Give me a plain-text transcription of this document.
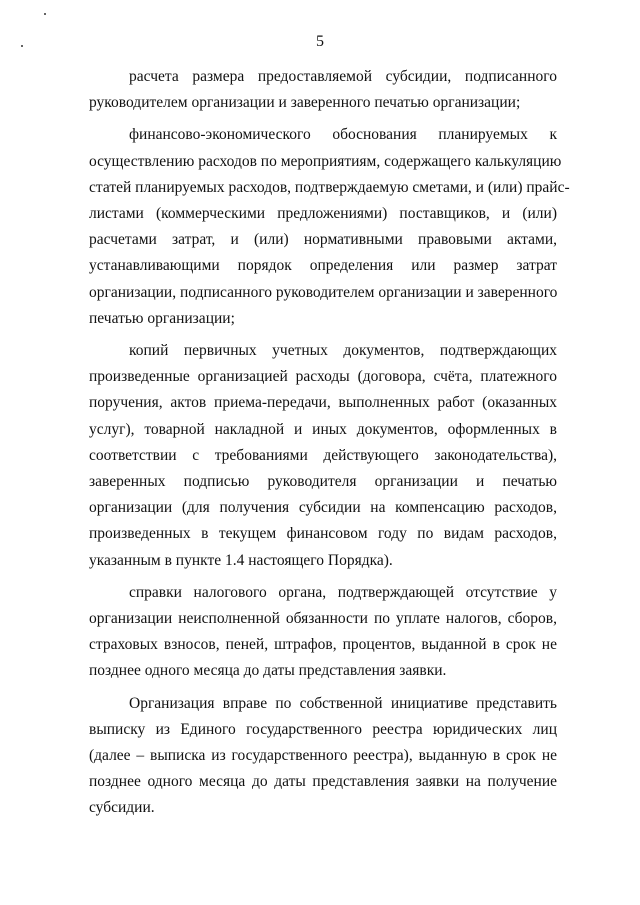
5
расчета размера предоставляемой субсидии, подписанного
руководителем организации и заверенного печатью организации;
финансово-экономического обоснования планируемых к
осуществлению расходов по мероприятиям, содержащего калькуляцию
статей планируемых расходов, подтверждаемую сметами, и (или) прайс-
листами (коммерческими предложениями) поставщиков, и (или)
расчетами затрат, и (или) нормативными правовыми актами,
устанавливающими порядок определения или размер затрат
организации, подписанного руководителем организации и заверенного
печатью организации;
копий первичных учетных документов, подтверждающих
произведенные организацией расходы (договора, счёта, платежного
поручения, актов приема-передачи, выполненных работ (оказанных
услуг), товарной накладной и иных документов, оформленных в
соответствии с требованиями действующего законодательства),
заверенных подписью руководителя организации и печатью
организации (для получения субсидии на компенсацию расходов,
произведенных в текущем финансовом году по видам расходов,
указанным в пункте 1.4 настоящего Порядка).
справки налогового органа, подтверждающей отсутствие у
организации неисполненной обязанности по уплате налогов, сборов,
страховых взносов, пеней, штрафов, процентов, выданной в срок не
позднее одного месяца до даты представления заявки.
Организация вправе по собственной инициативе представить
выписку из Единого государственного реестра юридических лиц
(далее – выписка из государственного реестра), выданную в срок не
позднее одного месяца до даты представления заявки на получение
субсидии.
